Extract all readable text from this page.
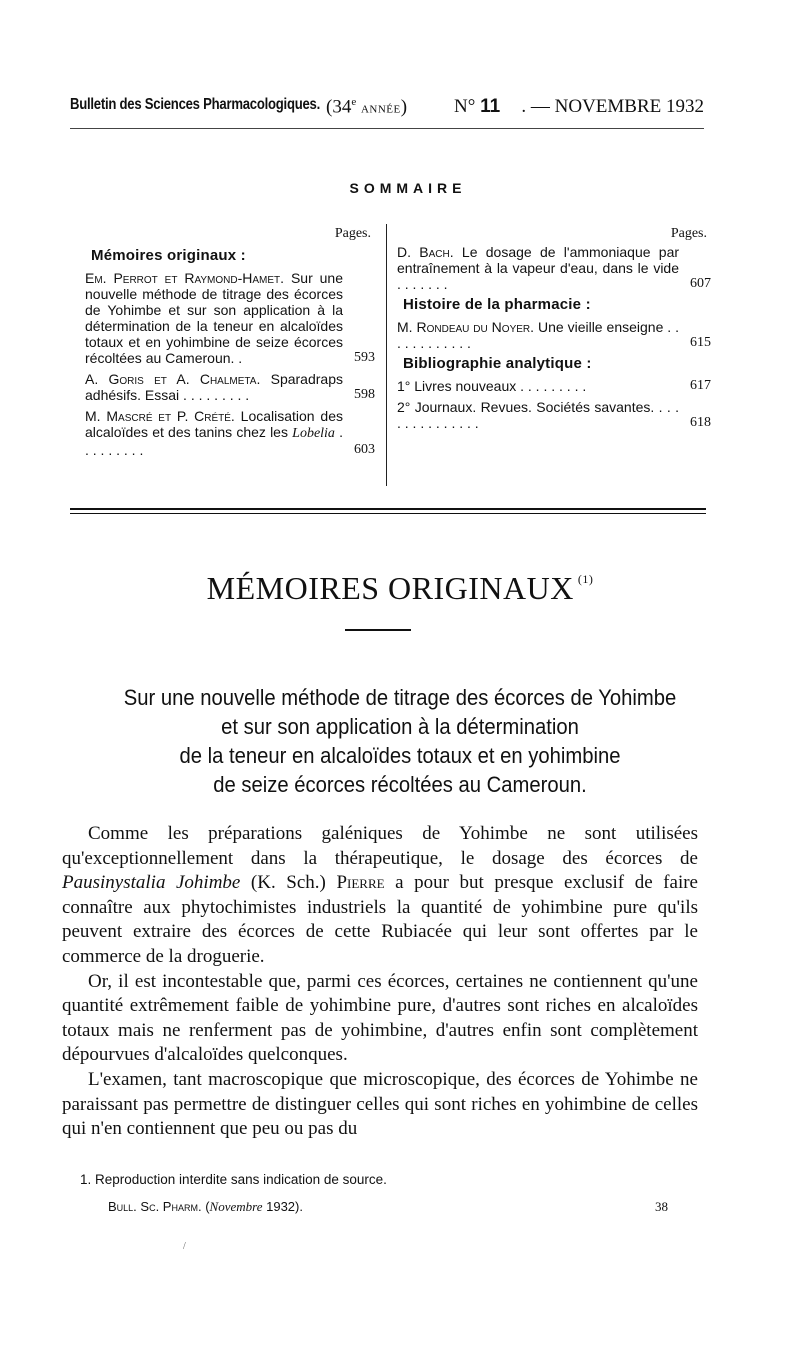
Bulletin des Sciences Pharmacologiques. (34e année) N° 11 . — NOVEMBRE 1932
SOMMAIRE
Pages.
Mémoires originaux :
Em. Perrot et Raymond-Hamet. Sur une nouvelle méthode de titrage des écorces de Yohimbe et sur son application à la détermination de la teneur en alcaloïdes totaux et en yohimbine de seize écorces récoltées au Cameroun. .	593
A. Goris et A. Chalmeta. Sparadraps adhésifs. Essai . . . . . . . . .	598
M. Mascré et P. Crété. Localisation des alcaloïdes et des tanins chez les Lobelia . . . . . . . . .	603
Pages.
D. Bach. Le dosage de l'ammoniaque par entraînement à la vapeur d'eau, dans le vide . . . . . . .	607
Histoire de la pharmacie :
M. Rondeau du Noyer. Une vieille enseigne . . . . . . . . . . . .	615
Bibliographie analytique :
1° Livres nouveaux . . . . . . . . .	617
2° Journaux. Revues. Sociétés savantes. . . . . . . . . . . . . . .	618
MÉMOIRES ORIGINAUX $^{(1)}$
Sur une nouvelle méthode de titrage des écorces de Yohimbe
et sur son application à la détermination
de la teneur en alcaloïdes totaux et en yohimbine
de seize écorces récoltées au Cameroun.

Comme les préparations galéniques de Yohimbe ne sont utilisées qu'exceptionnellement dans la thérapeutique, le dosage des écorces de Pausinystalia Johimbe (K. Sch.) Pierre a pour but presque exclusif de faire connaître aux phytochimistes industriels la quantité de yohimbine pure qu'ils peuvent extraire des écorces de cette Rubiacée qui leur sont offertes par le commerce de la droguerie.

Or, il est incontestable que, parmi ces écorces, certaines ne contiennent qu'une quantité extrêmement faible de yohimbine pure, d'autres sont riches en alcaloïdes totaux mais ne renferment pas de yohimbine, d'autres enfin sont complètement dépourvues d'alcaloïdes quelconques.

L'examen, tant macroscopique que microscopique, des écorces de Yohimbe ne paraissant pas permettre de distinguer celles qui sont riches en yohimbine de celles qui n'en contiennent que peu ou pas du

1. Reproduction interdite sans indication de source.
Bull. Sc. Pharm. (Novembre 1932).	38
/
